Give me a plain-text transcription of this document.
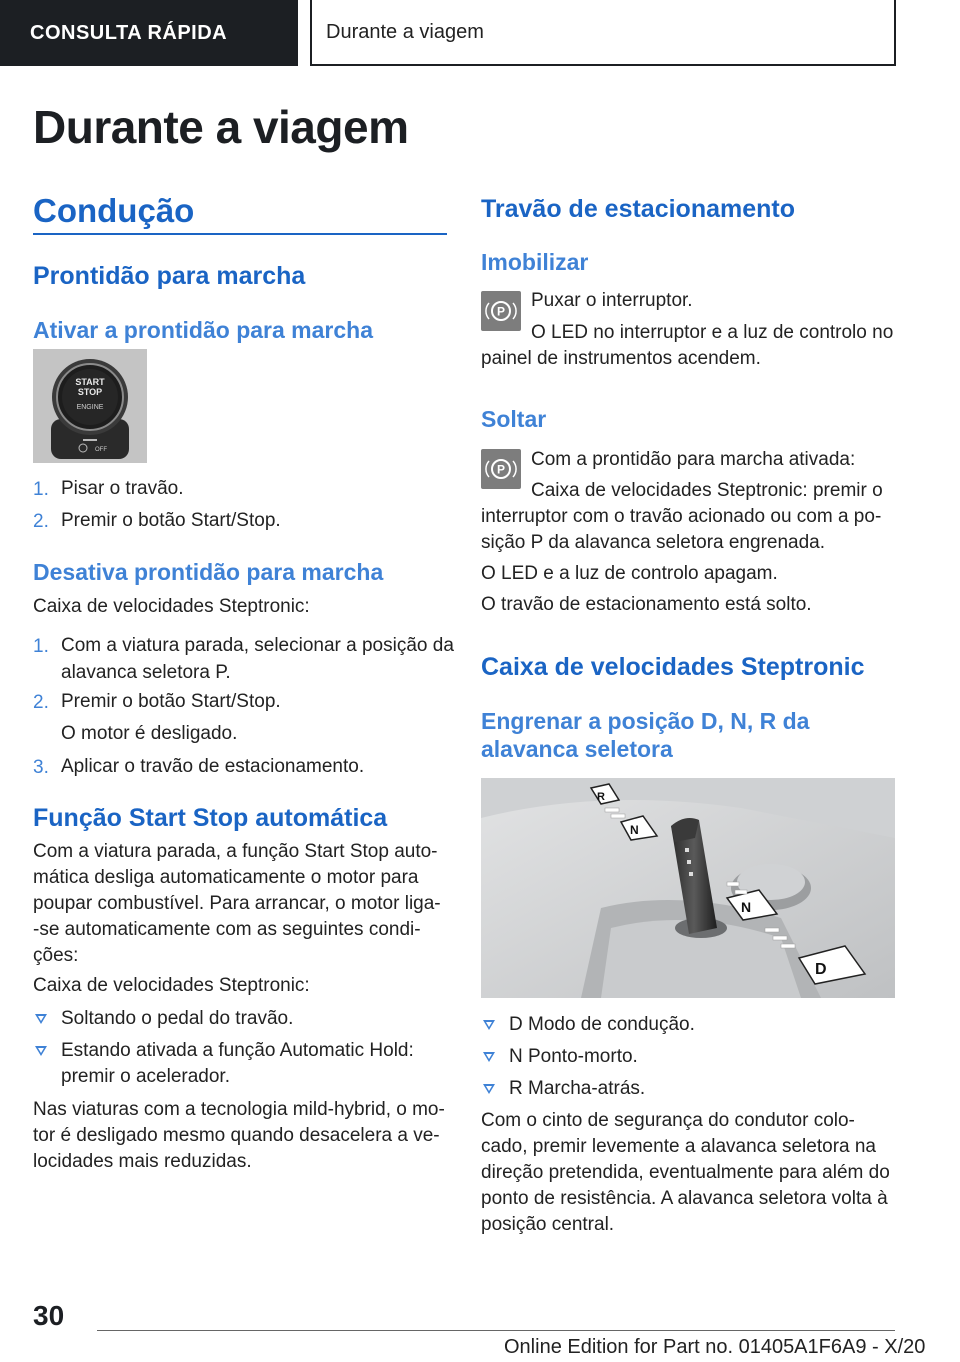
CONSULTA RÁPIDA	Durante a viagem
Durante a viagem
Condução
Prontidão para marcha
Ativar a prontidão para marcha
START
STOP
ENGINE
OFF
1. Pisar o travão.
2. Premir o botão Start/Stop.
Desativa prontidão para marcha
Caixa de velocidades Steptronic:
1. Com a viatura parada, selecionar a posição da
alavanca seletora P.
2. Premir o botão Start/Stop.
O motor é desligado.
3. Aplicar o travão de estacionamento.
Função Start Stop automática
Com a viatura parada, a função Start Stop auto-
mática desliga automaticamente o motor para
poupar combustível. Para arrancar, o motor liga-
-se automaticamente com as seguintes condi-
ções:
Caixa de velocidades Steptronic:
Soltando o pedal do travão.
Estando ativada a função Automatic Hold:
premir o acelerador.
Nas viaturas com a tecnologia mild-hybrid, o mo-
tor é desligado mesmo quando desacelera a ve-
locidades mais reduzidas.
Travão de estacionamento
Imobilizar
P
Puxar o interruptor.
O LED no interruptor e a luz de controlo no
painel de instrumentos acendem.
Soltar
P Com a prontidão para marcha ativada:
Caixa de velocidades Steptronic: premir o
interruptor com o travão acionado ou com a po-
sição P da alavanca seletora engrenada.
O LED e a luz de controlo apagam.
O travão de estacionamento está solto.
Caixa de velocidades Steptronic
Engrenar a posição D, N, R da
alavanca seletora
R
N
N
D
D Modo de condução.
N Ponto-morto.
R Marcha-atrás.
Com o cinto de segurança do condutor colo-
cado, premir levemente a alavanca seletora na
direção pretendida, eventualmente para além do
ponto de resistência. A alavanca seletora volta à
posição central.
30
Online Edition for Part no. 01405A1F6A9 - X/20
